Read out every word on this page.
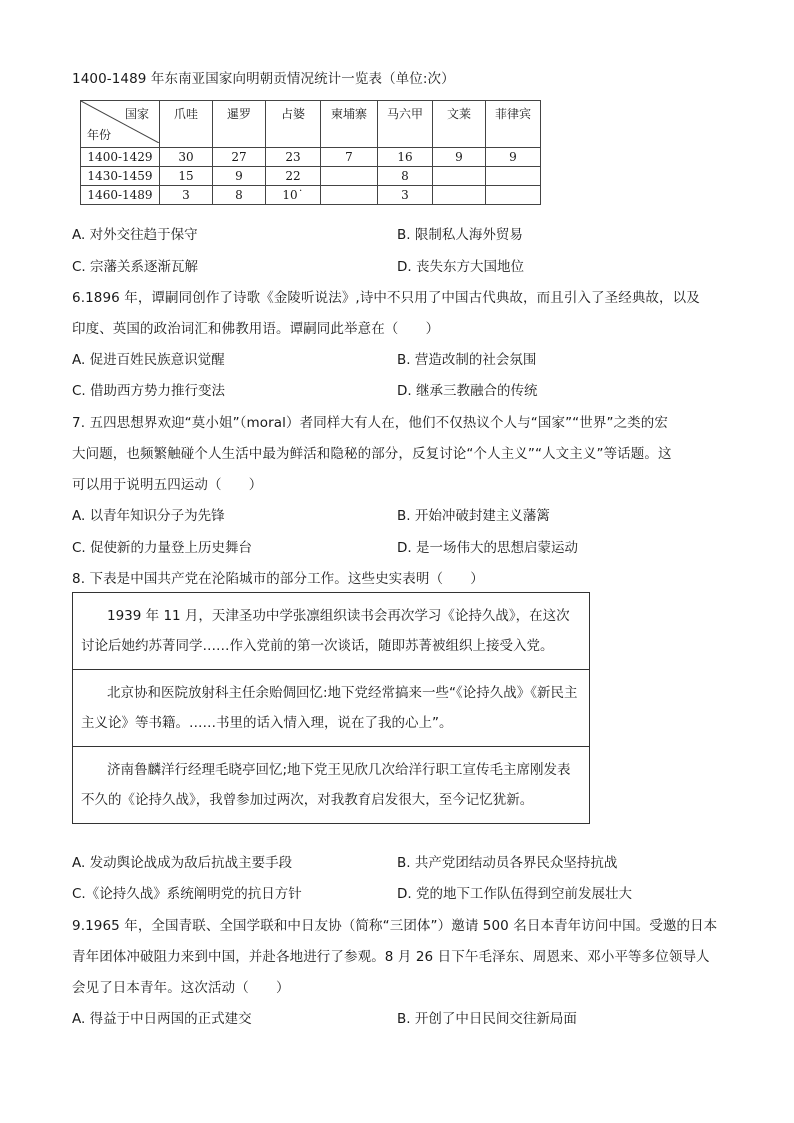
1400-1489 年东南亚国家向明朝贡情况统计一览表（单位:次）
国家
年份	爪哇	暹罗	占婆	柬埔寨	马六甲	文莱	菲律宾
1400-1429	30	27	23	7	16	9	9
1430-1459	15	9	22		8		
1460-1489	3	8	10˙		3		
A. 对外交往趋于保守	B. 限制私人海外贸易
C. 宗藩关系逐渐瓦解	D. 丧失东方大国地位
6.1896 年，谭嗣同创作了诗歌《金陵听说法》,诗中不只用了中国古代典故，而且引入了圣经典故，以及
印度、英国的政治词汇和佛教用语。谭嗣同此举意在（　　）
A. 促进百姓民族意识觉醒	B. 营造改制的社会氛围
C. 借助西方势力推行变法	D. 继承三教融合的传统
7. 五四思想界欢迎“莫小姐”（moral）者同样大有人在，他们不仅热议个人与“国家”“世界”之类的宏
大问题，也频繁触碰个人生活中最为鲜活和隐秘的部分，反复讨论“个人主义”“人文主义”等话题。这
可以用于说明五四运动（　　）
A. 以青年知识分子为先锋	B. 开始冲破封建主义藩篱
C. 促使新的力量登上历史舞台	D. 是一场伟大的思想启蒙运动
8. 下表是中国共产党在沦陷城市的部分工作。这些史实表明（　　）
1939 年 11 月，天津圣功中学张凛组织读书会再次学习《论持久战》，在这次讨论后她约苏菁同学……作入党前的第一次谈话，随即苏菁被组织上接受入党。
北京协和医院放射科主任余贻倜回忆:地下党经常搞来一些“《论持久战》《新民主主义论》等书籍。……书里的话入情入理，说在了我的心上”。
济南鲁麟洋行经理毛晓亭回忆;地下党王见欣几次给洋行职工宣传毛主席刚发表不久的《论持久战》，我曾参加过两次，对我教育启发很大，至今记忆犹新。
A. 发动舆论战成为敌后抗战主要手段	B. 共产党团结动员各界民众坚持抗战
C.《论持久战》系统阐明党的抗日方针	D. 党的地下工作队伍得到空前发展壮大
9.1965 年，全国青联、全国学联和中日友协（简称“三团体”）邀请 500 名日本青年访问中国。受邀的日本
青年团体冲破阻力来到中国，并赴各地进行了参观。8 月 26 日下午毛泽东、周恩来、邓小平等多位领导人
会见了日本青年。这次活动（　　）
A. 得益于中日两国的正式建交	B. 开创了中日民间交往新局面
